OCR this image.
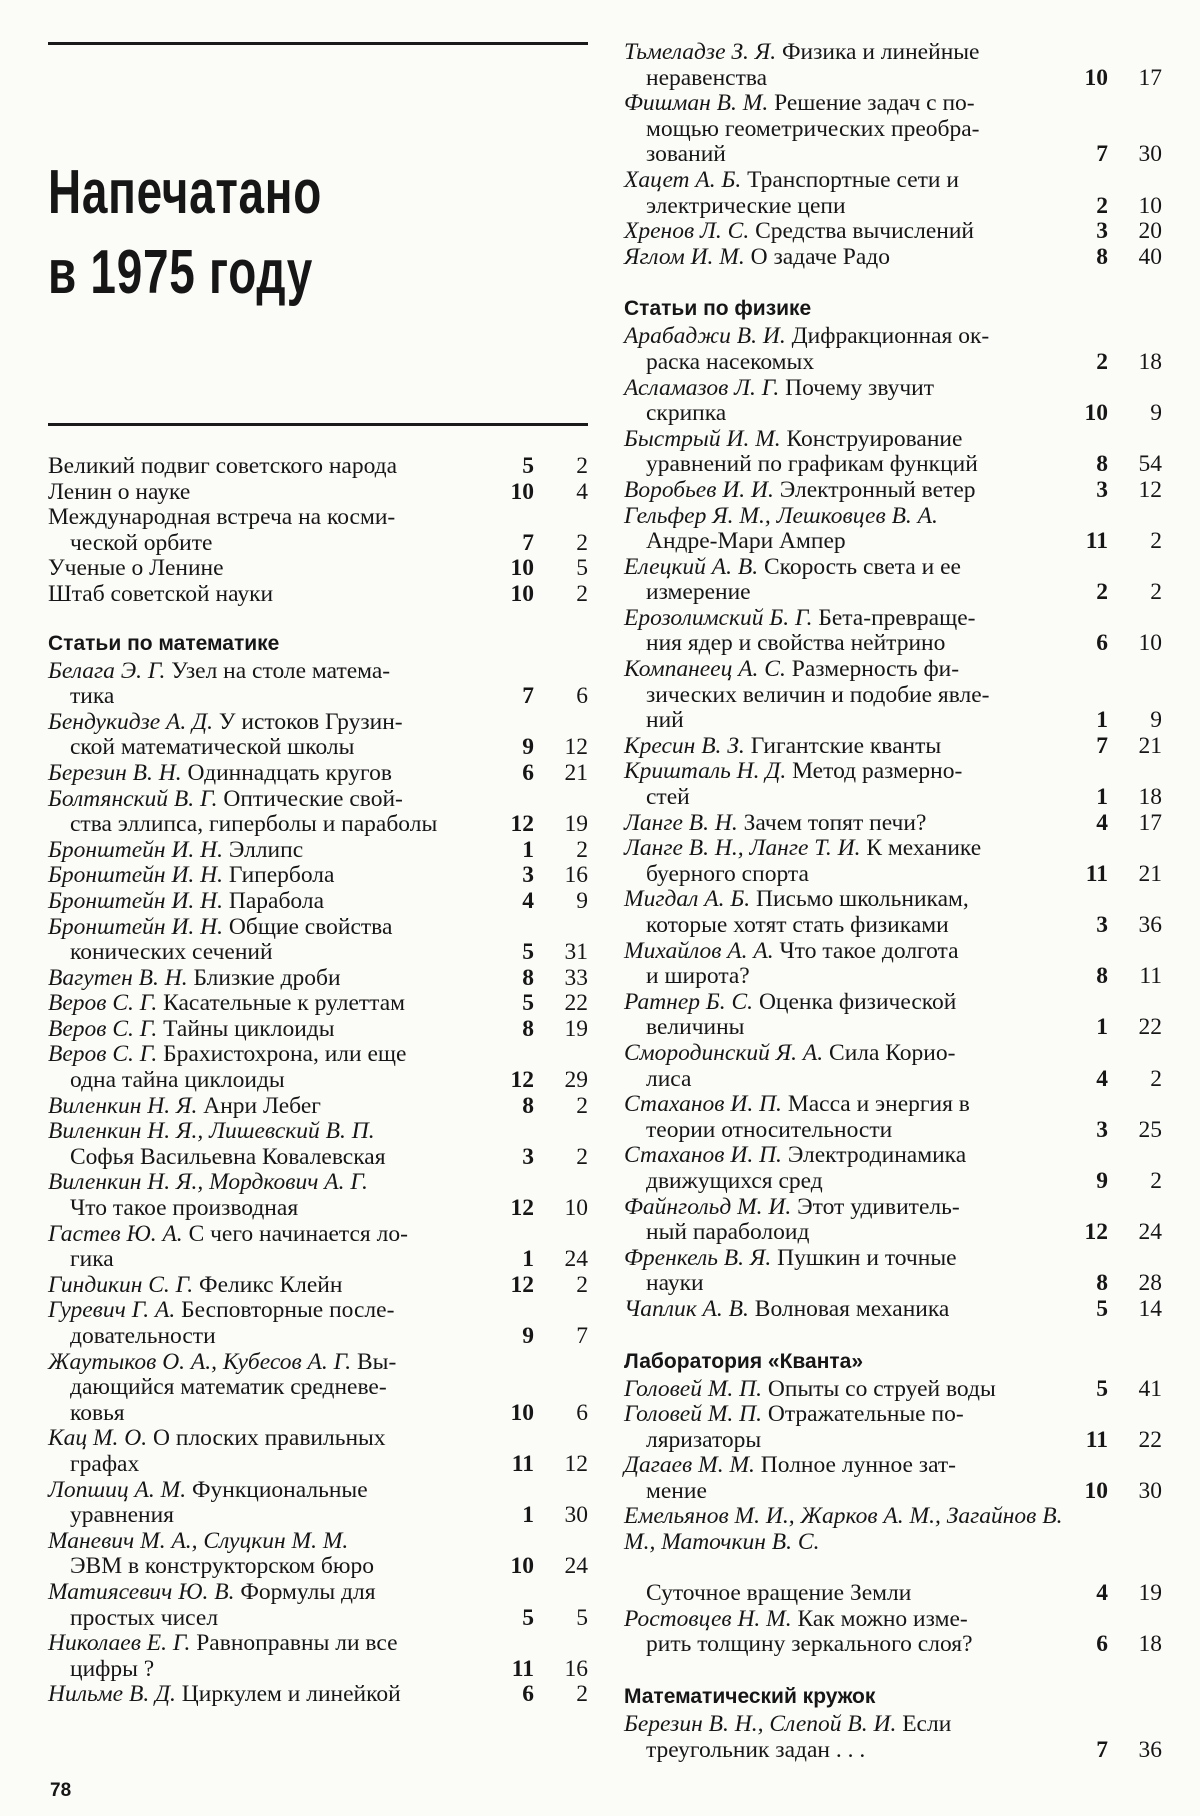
Напечатано
в 1975 году
Великий подвиг советского народа	5	2
Ленин о науке	10	4
Международная встреча на косми-
ческой орбите	7	2
Ученые о Ленине	10	5
Штаб советской науки	10	2
Статьи по математике
Белага Э. Г. Узел на столе матема-
тика	7	6
Бендукидзе А. Д. У истоков Грузин-
ской математической школы	9	12
Березин В. Н. Одиннадцать кругов	6	21
Болтянский В. Г. Оптические свой-
ства эллипса, гиперболы и параболы	12	19
Бронштейн И. Н. Эллипс	1	2
Бронштейн И. Н. Гипербола	3	16
Бронштейн И. Н. Парабола	4	9
Бронштейн И. Н. Общие свойства
конических сечений	5	31
Вагутен В. Н. Близкие дроби	8	33
Веров С. Г. Касательные к рулеттам	5	22
Веров С. Г. Тайны циклоиды	8	19
Веров С. Г. Брахистохрона, или еще
одна тайна циклоиды	12	29
Виленкин Н. Я. Анри Лебег	8	2
Виленкин Н. Я., Лишевский В. П.
Софья Васильевна Ковалевская	3	2
Виленкин Н. Я., Мордкович А. Г.
Что такое производная	12	10
Гастев Ю. А. С чего начинается ло-
гика	1	24
Гиндикин С. Г. Феликс Клейн	12	2
Гуревич Г. А. Бесповторные после-
довательности	9	7
Жаутыков О. А., Кубесов А. Г. Вы-
дающийся математик средневе-
ковья	10	6
Кац М. О. О плоских правильных
графах	11	12
Лопшиц А. М. Функциональные
уравнения	1	30
Маневич М. А., Слуцкин М. М.
ЭВМ в конструкторском бюро	10	24
Матиясевич Ю. В. Формулы для
простых чисел	5	5
Николаев Е. Г. Равноправны ли все
цифры ?	11	16
Нильме В. Д. Циркулем и линейкой	6	2
Тьмеладзе З. Я. Физика и линейные
неравенства	10	17
Фишман В. М. Решение задач с по-
мощью геометрических преобра-
зований	7	30
Хацет А. Б. Транспортные сети и
электрические цепи	2	10
Хренов Л. С. Средства вычислений	3	20
Яглом И. М. О задаче Радо	8	40
Статьи по физике
Арабаджи В. И. Дифракционная ок-
раска насекомых	2	18
Асламазов Л. Г. Почему звучит
скрипка	10	9
Быстрый И. М. Конструирование
уравнений по графикам функций	8	54
Воробьев И. И. Электронный ветер	3	12
Гельфер Я. М., Лешковцев В. А.
Андре-Мари Ампер	11	2
Елецкий А. В. Скорость света и ее
измерение	2	2
Ерозолимский Б. Г. Бета-превраще-
ния ядер и свойства нейтрино	6	10
Компанеец А. С. Размерность фи-
зических величин и подобие явле-
ний	1	9
Кресин В. З. Гигантские кванты	7	21
Кришталь Н. Д. Метод размерно-
стей	1	18
Ланге В. Н. Зачем топят печи?	4	17
Ланге В. Н., Ланге Т. И. К механике
буерного спорта	11	21
Мигдал А. Б. Письмо школьникам,
которые хотят стать физиками	3	36
Михайлов А. А. Что такое долгота
и широта?	8	11
Ратнер Б. С. Оценка физической
величины	1	22
Смородинский Я. А. Сила Кориo-
лиса	4	2
Стаханов И. П. Масса и энергия в
теории относительности	3	25
Стаханов И. П. Электродинамика
движущихся сред	9	2
Файнгольд М. И. Этот удивитель-
ный параболоид	12	24
Френкель В. Я. Пушкин и точные
науки	8	28
Чаплик А. В. Волновая механика	5	14
Лаборатория «Кванта»
Головей М. П. Опыты со струей воды	5	41
Головей М. П. Отражательные по-
ляризаторы	11	22
Дагаев М. М. Полное лунное зат-
мение	10	30
Емельянов М. И., Жарков А. М., Загайнов В. М., Маточкин В. С.

Суточное вращение Земли	4	19
Ростовцев Н. М. Как можно изме-
рить толщину зеркального слоя?	6	18
Математический кружок
Березин В. Н., Слепой В. И. Если
треугольник задан . . .	7	36
78
